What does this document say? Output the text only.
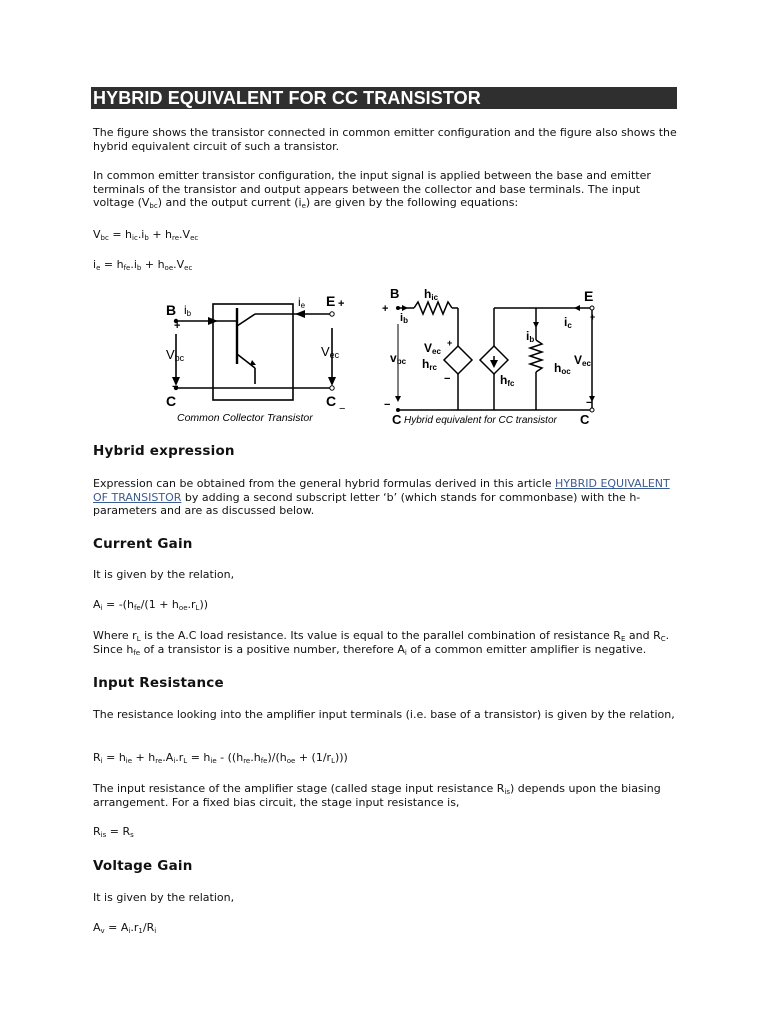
HYBRID EQUIVALENT FOR CC TRANSISTOR
The figure shows the transistor connected in common emitter configuration and the figure also shows the hybrid equivalent circuit of such a transistor.
In common emitter transistor configuration, the input signal is applied between the base and emitter terminals of the transistor and output appears between the collector and base terminals. The input voltage $(V_{bc})$ and the output current $(i_e)$ are given by the following equations:
$V_{bc} = h_{ic}.i_b + h_{re}.V_{ec}$
$i_e = h_{fe}.i_b + h_{oe}.V_{ec}$
B ib
ie E +
+
Vbc	Vec
−
C	C −
Common Collector Transistor
B hic	E
+
ib	ic
+
ib
vbc
Vec
+
hrc
−	hfc
hoc
Vec
−	−
C Hybrid equivalent for CC transistor C
Hybrid expression
Expression can be obtained from the general hybrid formulas derived in this article HYBRID EQUIVALENT OF TRANSISTOR by adding a second subscript letter ‘b’ (which stands for commonbase) with the h-parameters and are as discussed below.
Current Gain
It is given by the relation,
$A_i = -(h_{fe}/(1 + h_{oe}.r_L))$
Where $r_L$ is the A.C load resistance. Its value is equal to the parallel combination of resistance $R_E$ and $R_C$.
Since $h_{fe}$ of a transistor is a positive number, therefore $A_i$ of a common emitter amplifier is negative.
Input Resistance
The resistance looking into the amplifier input terminals (i.e. base of a transistor) is given by the relation,
$R_i = h_{ie} + h_{re}.A_i.r_L = h_{ie} - ((h_{re}.h_{fe})/(h_{oe} + (1/r_L)))$
The input resistance of the amplifier stage (called stage input resistance $R_{is}$) depends upon the biasing arrangement. For a fixed bias circuit, the stage input resistance is,
$R_{is} = R_s$
Voltage Gain
It is given by the relation,
$A_v = A_i.r_1/R_i$
